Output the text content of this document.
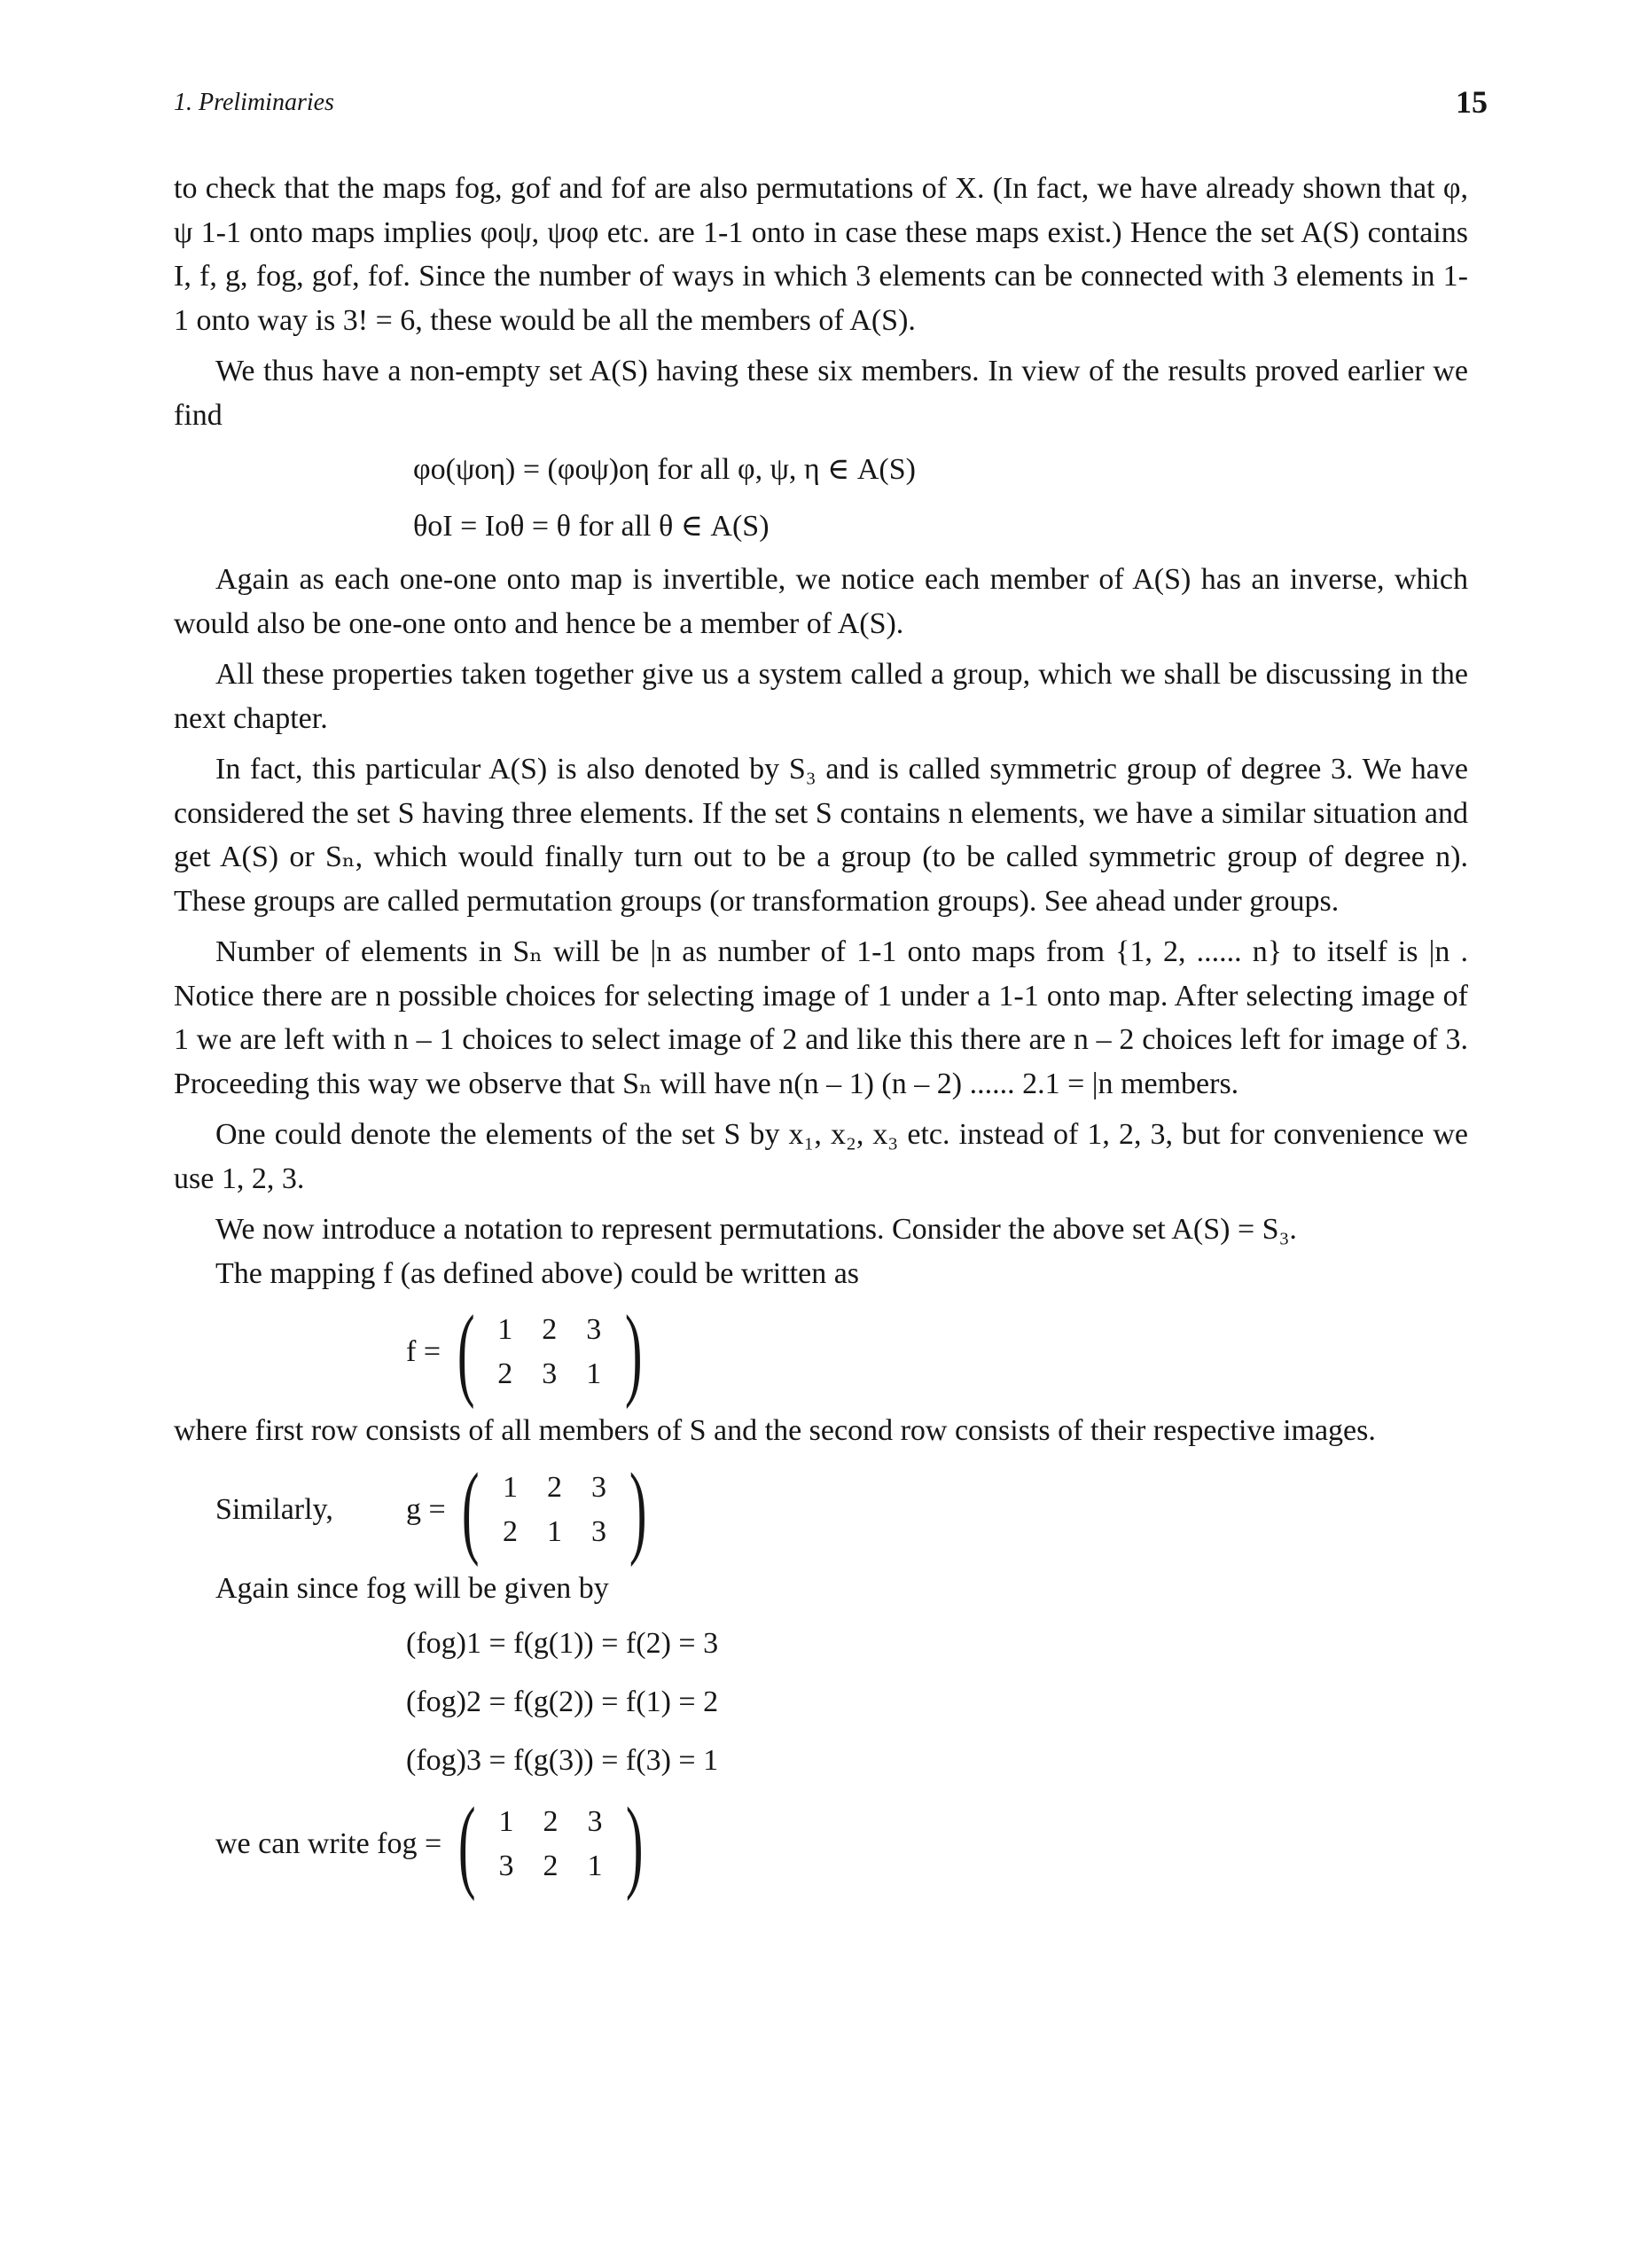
1. Preliminaries	15

to check that the maps fog, gof and fof are also permutations of X. (In fact, we have already shown that φ, ψ 1-1 onto maps implies φoψ, ψoφ etc. are 1-1 onto in case these maps exist.) Hence the set A(S) contains I, f, g, fog, gof, fof. Since the number of ways in which 3 elements can be connected with 3 elements in 1-1 onto way is 3! = 6, these would be all the members of A(S).

We thus have a non-empty set A(S) having these six members. In view of the results proved earlier we find

φo(ψoη) = (φoψ)oη for all φ, ψ, η ∈ A(S)
θoI = Ioθ = θ for all θ ∈ A(S)

Again as each one-one onto map is invertible, we notice each member of A(S) has an inverse, which would also be one-one onto and hence be a member of A(S).

All these properties taken together give us a system called a group, which we shall be discussing in the next chapter.

In fact, this particular A(S) is also denoted by S₃ and is called symmetric group of degree 3. We have considered the set S having three elements. If the set S contains n elements, we have a similar situation and get A(S) or Sₙ, which would finally turn out to be a group (to be called symmetric group of degree n). These groups are called permutation groups (or transformation groups). See ahead under groups.

Number of elements in Sₙ will be |n as number of 1-1 onto maps from {1, 2, ...... n} to itself is |n . Notice there are n possible choices for selecting image of 1 under a 1-1 onto map. After selecting image of 1 we are left with n – 1 choices to select image of 2 and like this there are n – 2 choices left for image of 3. Proceeding this way we observe that Sₙ will have n(n – 1) (n – 2) ...... 2.1 = |n members.

One could denote the elements of the set S by x₁, x₂, x₃ etc. instead of 1, 2, 3, but for convenience we use 1, 2, 3.

We now introduce a notation to represent permutations. Consider the above set A(S) = S₃.

The mapping f (as defined above) could be written as

f = ( 1 2 3
2 3 1 )

where first row consists of all members of S and the second row consists of their respective images.

Similarly,	g = ( 1 2 3
2 1 3 )

Again since fog will be given by

(fog)1 = f(g(1)) = f(2) = 3
(fog)2 = f(g(2)) = f(1) = 2
(fog)3 = f(g(3)) = f(3) = 1
we can write fog = ( 1 2 3
3 2 1 )
